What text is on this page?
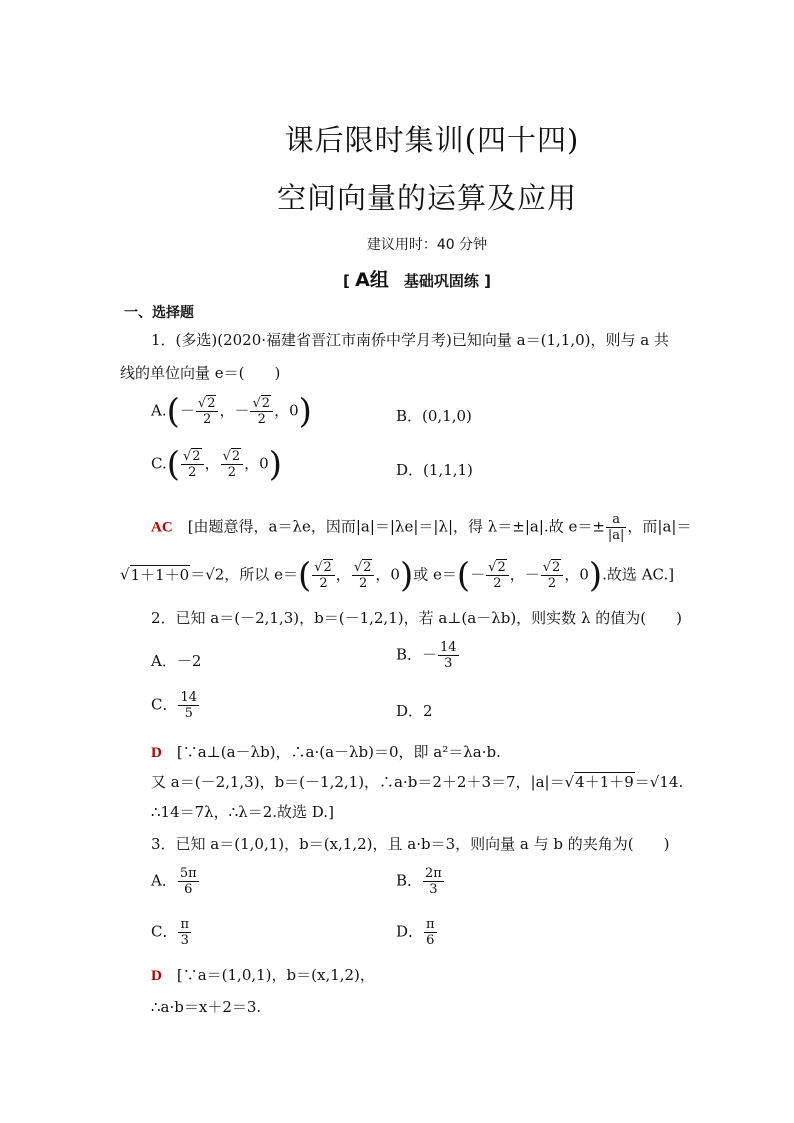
课后限时集训(四十四)
空间向量的运算及应用
建议用时：40 分钟
[ A组　基础巩固练 ]
一、选择题
1．(多选)(2020·福建省晋江市南侨中学月考)已知向量 a＝(1,1,0)，则与 a 共
线的单位向量 e＝(　　)
$A.(- \frac{√2}{2}$ ，－ $\frac{√2}{2}$ ，0)	B．(0,1,0)
$C.( \frac{√2}{2}$ ， $\frac{√2}{2}$ ，0)	D．(1,1,1)
AC　 [由题意得，a＝λe，因而|a|＝|λe|＝|λ|，得 λ＝±|a|.故 $e=\pm \frac{a}{|a|}$ ，而|a|＝
√1＋1＋0＝√2，所以 $e=( \frac{√2}{2}$ ， $\frac{√2}{2}$ ，0)或 $e=(- \frac{√2}{2}$ ，－ $\frac{√2}{2}$ ，0).故选 AC.]
2．已知 a＝(－2,1,3)，b＝(－1,2,1)，若 a⊥(a－λb)，则实数 λ 的值为(　　)
A．－2	B．－ $\frac{14}{3}$
C． $\frac{14}{5}$	D．2
D　 [∵a⊥(a－λb)，∴a·(a－λb)＝0，即 a²＝λa·b.
又 a＝(－2,1,3)，b＝(－1,2,1)，∴a·b＝2＋2＋3＝7，|a|＝√4＋1＋9＝√14.
∴14＝7λ，∴λ＝2.故选 D.]
3．已知 a＝(1,0,1)，b＝(x,1,2)，且 a·b＝3，则向量 a 与 b 的夹角为(　　)
A． $\frac{5\pi}{6}$	B． $\frac{2\pi}{3}$
C． $\frac{\pi}{3}$	D． $\frac{\pi}{6}$
D　 [∵a＝(1,0,1)，b＝(x,1,2)，
∴a·b＝x＋2＝3.
